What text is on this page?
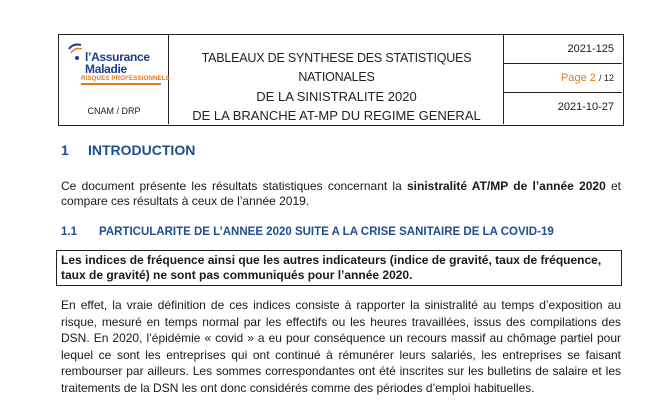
l’Assurance
Maladie
RISQUES PROFESSIONNELS
CNAM / DRP
TABLEAUX DE SYNTHESE DES STATISTIQUES NATIONALES
DE LA SINISTRALITE 2020
DE LA BRANCHE AT-MP DU REGIME GENERAL
2021-125
Page 2 / 12
2021-10-27
1 INTRODUCTION
Ce document présente les résultats statistiques concernant la sinistralité AT/MP de l’année 2020 et compare ces résultats à ceux de l’année 2019.
1.1 PARTICULARITE DE L’ANNEE 2020 SUITE A LA CRISE SANITAIRE DE LA COVID-19
Les indices de fréquence ainsi que les autres indicateurs (indice de gravité, taux de fréquence, taux de gravité) ne sont pas communiqués pour l’année 2020.
En effet, la vraie définition de ces indices consiste à rapporter la sinistralité au temps d’exposition au risque, mesuré en temps normal par les effectifs ou les heures travaillées, issus des compilations des DSN. En 2020, l’épidémie « covid » a eu pour conséquence un recours massif au chômage partiel pour lequel ce sont les entreprises qui ont continué à rémunérer leurs salariés, les entreprises se faisant rembourser par ailleurs. Les sommes correspondantes ont été inscrites sur les bulletins de salaire et les traitements de la DSN les ont donc considérés comme des périodes d’emploi habituelles.
